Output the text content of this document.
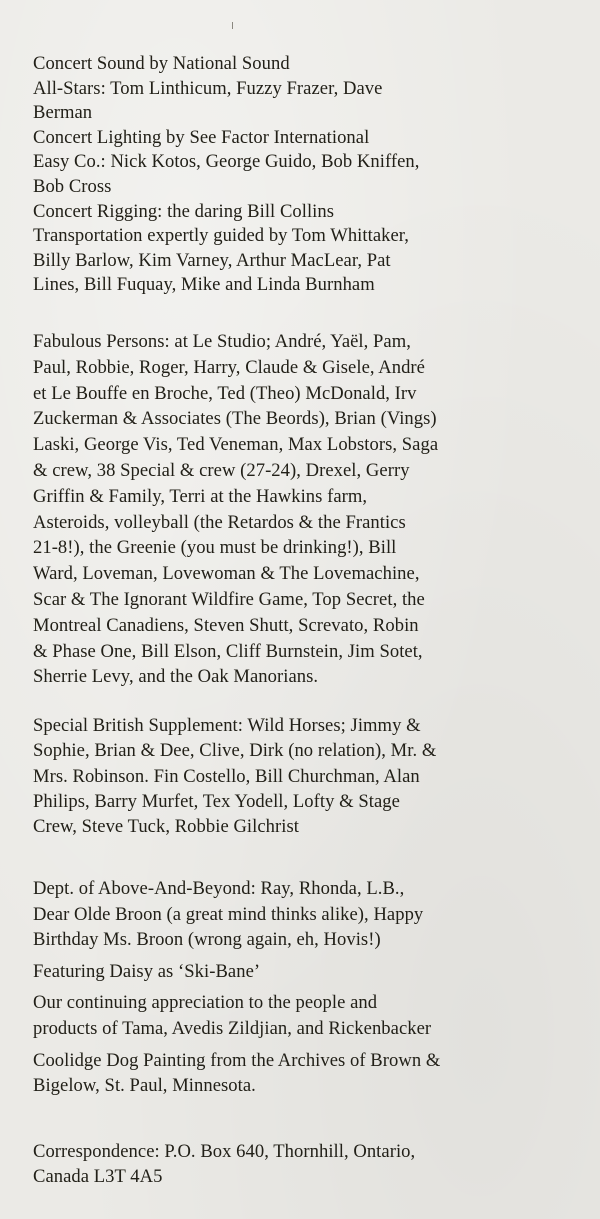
Concert Sound by National Sound
All-Stars: Tom Linthicum, Fuzzy Frazer, Dave
Berman
Concert Lighting by See Factor International
Easy Co.: Nick Kotos, George Guido, Bob Kniffen,
Bob Cross
Concert Rigging: the daring Bill Collins
Transportation expertly guided by Tom Whittaker,
Billy Barlow, Kim Varney, Arthur MacLear, Pat
Lines, Bill Fuquay, Mike and Linda Burnham
Fabulous Persons: at Le Studio; André, Yaël, Pam,
Paul, Robbie, Roger, Harry, Claude & Gisele, André
et Le Bouffe en Broche, Ted (Theo) McDonald, Irv
Zuckerman & Associates (The Beords), Brian (Vings)
Laski, George Vis, Ted Veneman, Max Lobstors, Saga
& crew, 38 Special & crew (27-24), Drexel, Gerry
Griffin & Family, Terri at the Hawkins farm,
Asteroids, volleyball (the Retardos & the Frantics
21-8!), the Greenie (you must be drinking!), Bill
Ward, Loveman, Lovewoman & The Lovemachine,
Scar & The Ignorant Wildfire Game, Top Secret, the
Montreal Canadiens, Steven Shutt, Screvato, Robin
& Phase One, Bill Elson, Cliff Burnstein, Jim Sotet,
Sherrie Levy, and the Oak Manorians.
Special British Supplement: Wild Horses; Jimmy &
Sophie, Brian & Dee, Clive, Dirk (no relation), Mr. &
Mrs. Robinson. Fin Costello, Bill Churchman, Alan
Philips, Barry Murfet, Tex Yodell, Lofty & Stage
Crew, Steve Tuck, Robbie Gilchrist
Dept. of Above-And-Beyond: Ray, Rhonda, L.B.,
Dear Olde Broon (a great mind thinks alike), Happy
Birthday Ms. Broon (wrong again, eh, Hovis!)
Featuring Daisy as ‘Ski-Bane’
Our continuing appreciation to the people and
products of Tama, Avedis Zildjian, and Rickenbacker
Coolidge Dog Painting from the Archives of Brown &
Bigelow, St. Paul, Minnesota.
Correspondence: P.O. Box 640, Thornhill, Ontario,
Canada L3T 4A5
